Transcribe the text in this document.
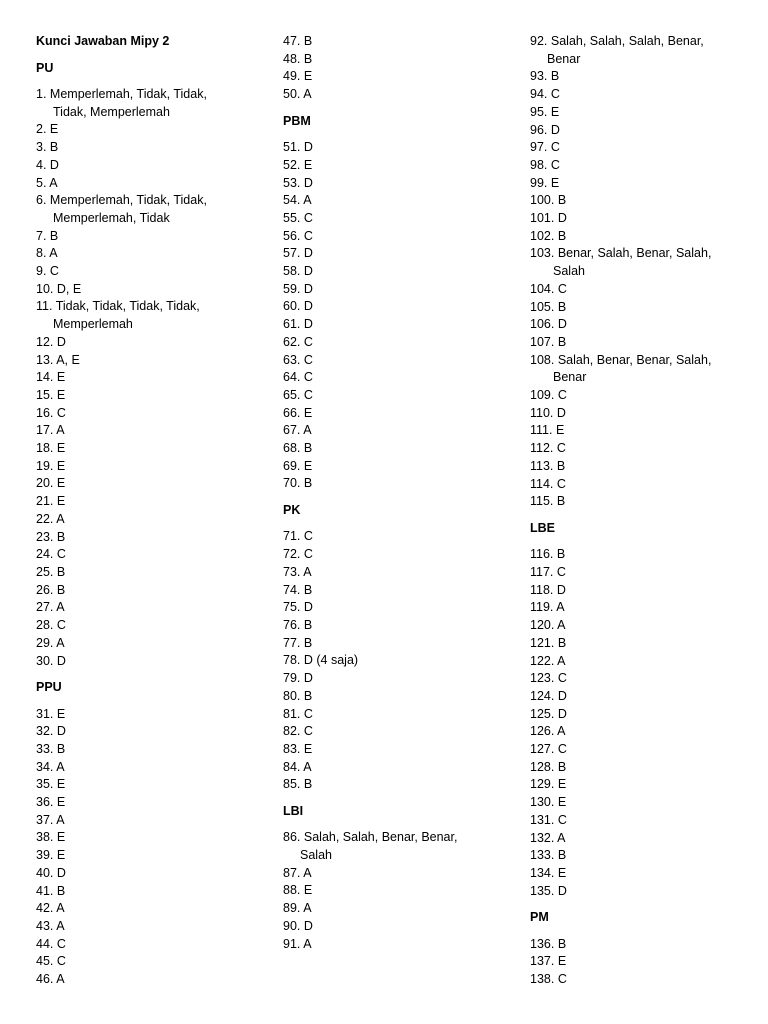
Kunci Jawaban Mipy 2
PU
1. Memperlemah, Tidak, Tidak,
Tidak, Memperlemah
2. E
3. B
4. D
5. A
6. Memperlemah, Tidak, Tidak,
Memperlemah, Tidak
7. B
8. A
9. C
10. D, E
11. Tidak, Tidak, Tidak, Tidak,
Memperlemah
12. D
13. A, E
14. E
15. E
16. C
17. A
18. E
19. E
20. E
21. E
22. A
23. B
24. C
25. B
26. B
27. A
28. C
29. A
30. D
PPU
31. E
32. D
33. B
34. A
35. E
36. E
37. A
38. E
39. E
40. D
41. B
42. A
43. A
44. C
45. C
46. A
47. B
48. B
49. E
50. A
PBM
51. D
52. E
53. D
54. A
55. C
56. C
57. D
58. D
59. D
60. D
61. D
62. C
63. C
64. C
65. C
66. E
67. A
68. B
69. E
70. B
PK
71. C
72. C
73. A
74. B
75. D
76. B
77. B
78. D (4 saja)
79. D
80. B
81. C
82. C
83. E
84. A
85. B
LBI
86. Salah, Salah, Benar, Benar,
Salah
87. A
88. E
89. A
90. D
91. A
92. Salah, Salah, Salah, Benar,
Benar
93. B
94. C
95. E
96. D
97. C
98. C
99. E
100. B
101. D
102. B
103. Benar, Salah, Benar, Salah,
Salah
104. C
105. B
106. D
107. B
108. Salah, Benar, Benar, Salah,
Benar
109. C
110. D
111. E
112. C
113. B
114. C
115. B
LBE
116. B
117. C
118. D
119. A
120. A
121. B
122. A
123. C
124. D
125. D
126. A
127. C
128. B
129. E
130. E
131. C
132. A
133. B
134. E
135. D
PM
136. B
137. E
138. C
